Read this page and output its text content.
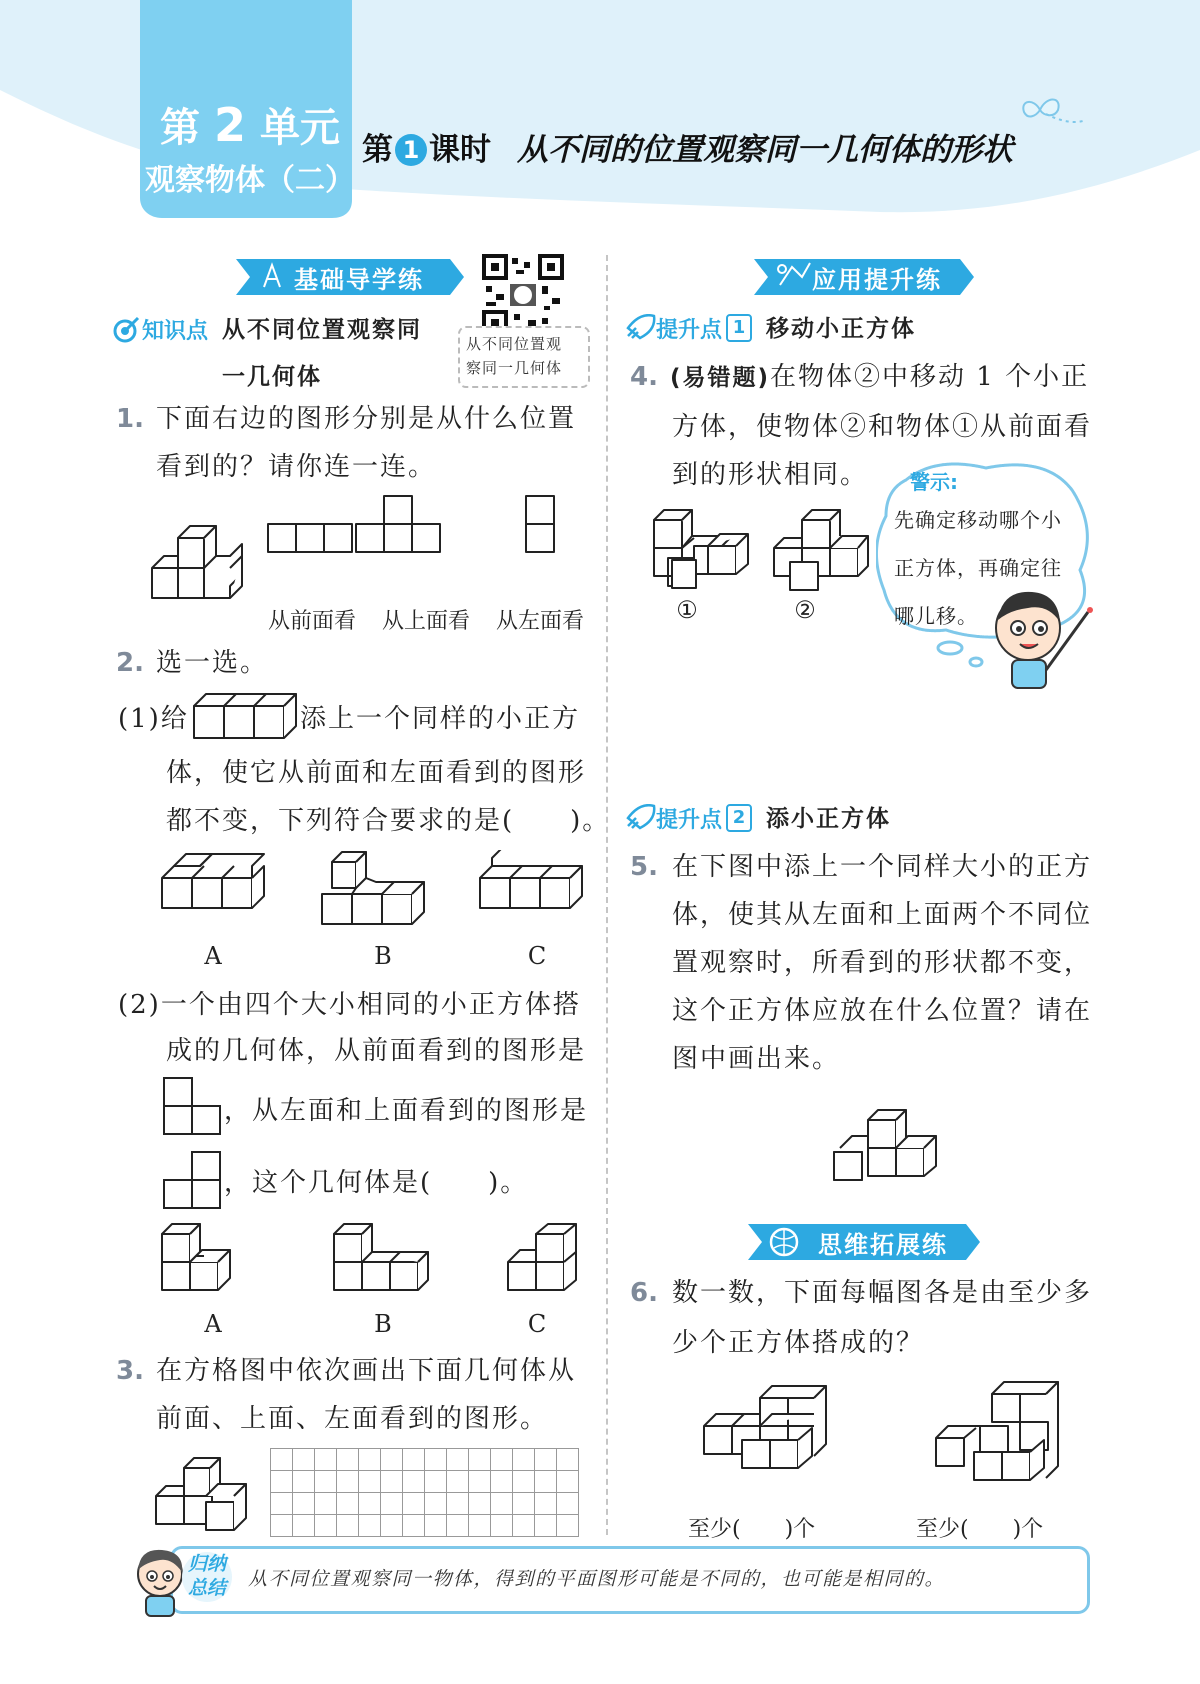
第 2 单元
观察物体（二）
第 1 课时 从不同的位置观察同一几何体的形状
基础导学练
从不同位置观
察同一几何体
知识点 从不同位置观察同
一几何体
1. 下面右边的图形分别是从什么位置
看到的？请你连一连。
从前面看 从上面看 从左面看
2. 选一选。
(1)给	添上一个同样的小正方
体，使它从前面和左面看到的图形
都不变，下列符合要求的是(　　)。
A	B	C
(2)一个由四个大小相同的小正方体搭
成的几何体，从前面看到的图形是
，从左面和上面看到的图形是
，这个几何体是(　　)。
A	B	C
3. 在方格图中依次画出下面几何体从
前面、上面、左面看到的图形。
应用提升练
提升点 1 移动小正方体
4. (易错题)在物体②中移动 1 个小正
方体，使物体②和物体①从前面看
到的形状相同。
①	②
警示:
先确定移动哪个小
正方体，再确定往
哪儿移。
提升点 2 添小正方体
5. 在下图中添上一个同样大小的正方
体，使其从左面和上面两个不同位
置观察时，所看到的形状都不变，
这个正方体应放在什么位置？请在
图中画出来。
思维拓展练
6. 数一数，下面每幅图各是由至少多
少个正方体搭成的？
至少(　　)个	至少(　　)个
归纳
总结	从不同位置观察同一物体，得到的平面图形可能是不同的，也可能是相同的。
